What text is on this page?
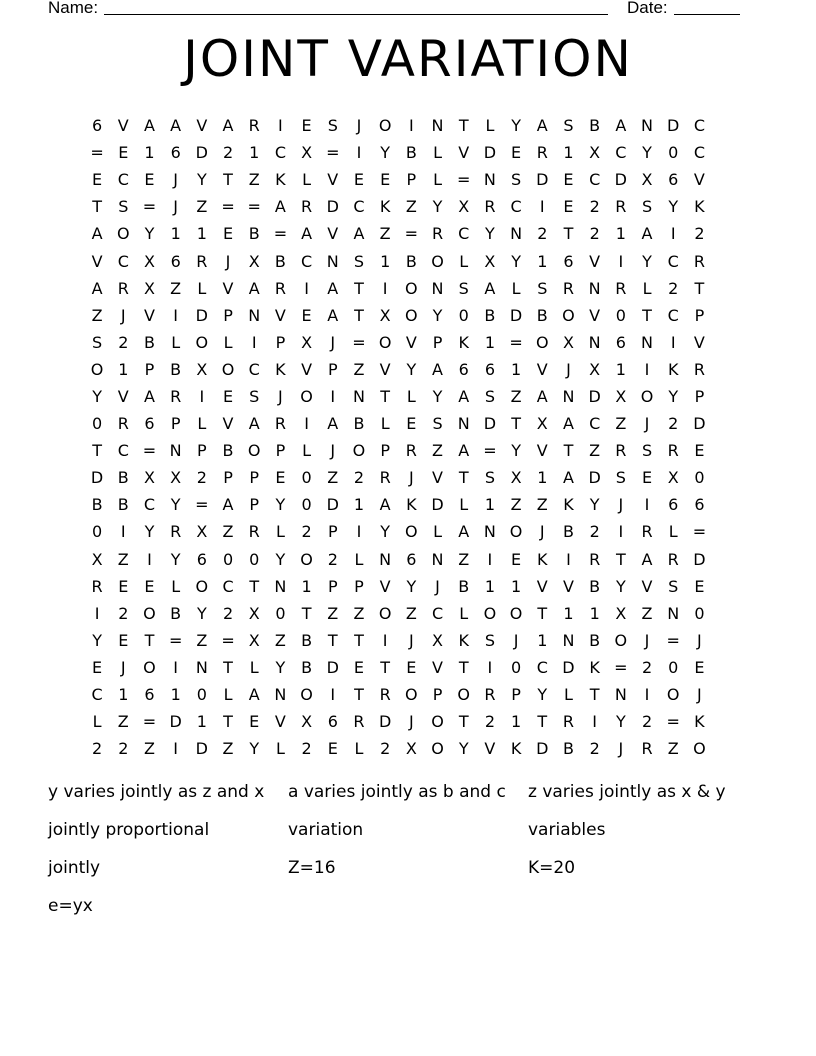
Name:	Date:
JOINT VARIATION
6 V A A V A R	I	E	S	J	O	I	N T	L	Y A S B A N D C
= E	1	6 D 2	1 C X =	I	Y B	L	V D E R 1 X C Y	0 C
E C E	J	Y	T Z K	L	V E	E	P	L = N S D E C D X 6 V
T	S =	J	Z = = A R D C K Z Y X R C	I	E	2 R S	Y	K
A O Y	1	1	E B = A V A Z = R C Y N 2	T	2	1 A	I	2
V C X 6 R	J	X B C N S	1 B O L	X Y	1	6 V	I	Y C R
A R X Z	L	V A R	I	A T	I	O N S A	L	S R N R	L	2	T
Z	J	V	I	D P N V E A T X O Y	0 B D B O V 0	T C P
S	2 B	L O L	I	P X	J	= O V P	K 1 = O X N 6 N	I	V
O 1	P B X O C K V P Z V Y A 6	6	1 V	J	X 1	I	K R
Y V A R	I	E	S	J	O	I	N T	L	Y A S Z A N D X O Y	P
0 R 6	P	L	V A R	I	A B	L	E	S N D T X A C Z	J	2 D
T C = N P B O P	L	J	O P R Z A = Y V T Z R S R E
D B X X 2	P	P	E	0 Z 2 R	J	V T	S X 1 A D S	E X 0
B B C Y = A P	Y	0 D 1 A K D L	1 Z Z K	Y	J	I	6	6
0	I	Y R X Z R	L	2	P	I	Y O L	A N O	J	B 2	I	R	L =
X Z	I	Y	6	0	0	Y O 2	L N 6 N Z	I	E K	I	R T A R D
R E	E	L O C T N 1	P	P V Y	J	B 1	1 V V B Y V S	E
I	2 O B Y	2 X 0	T Z Z O Z C	L O O T	1	1 X Z N 0
Y	E	T = Z = X Z B T	T	I	J	X K S	J	1 N B O	J	=	J
E	J	O	I	N T	L	Y B D E	T	E V T	I	0 C D K = 2	0	E
C 1	6	1	0	L	A N O	I	T R O P O R P	Y	L	T N	I	O	J
L	Z = D 1	T	E V X 6 R D	J	O T	2	1	T R	I	Y	2 = K
2	2 Z	I	D Z Y	L	2	E	L	2 X O Y V K D B 2	J	R Z O
y varies jointly as z and x	a varies jointly as b and c	z varies jointly as x & y
jointly proportional	variation	variables
jointly	Z=16	K=20
e=yx
